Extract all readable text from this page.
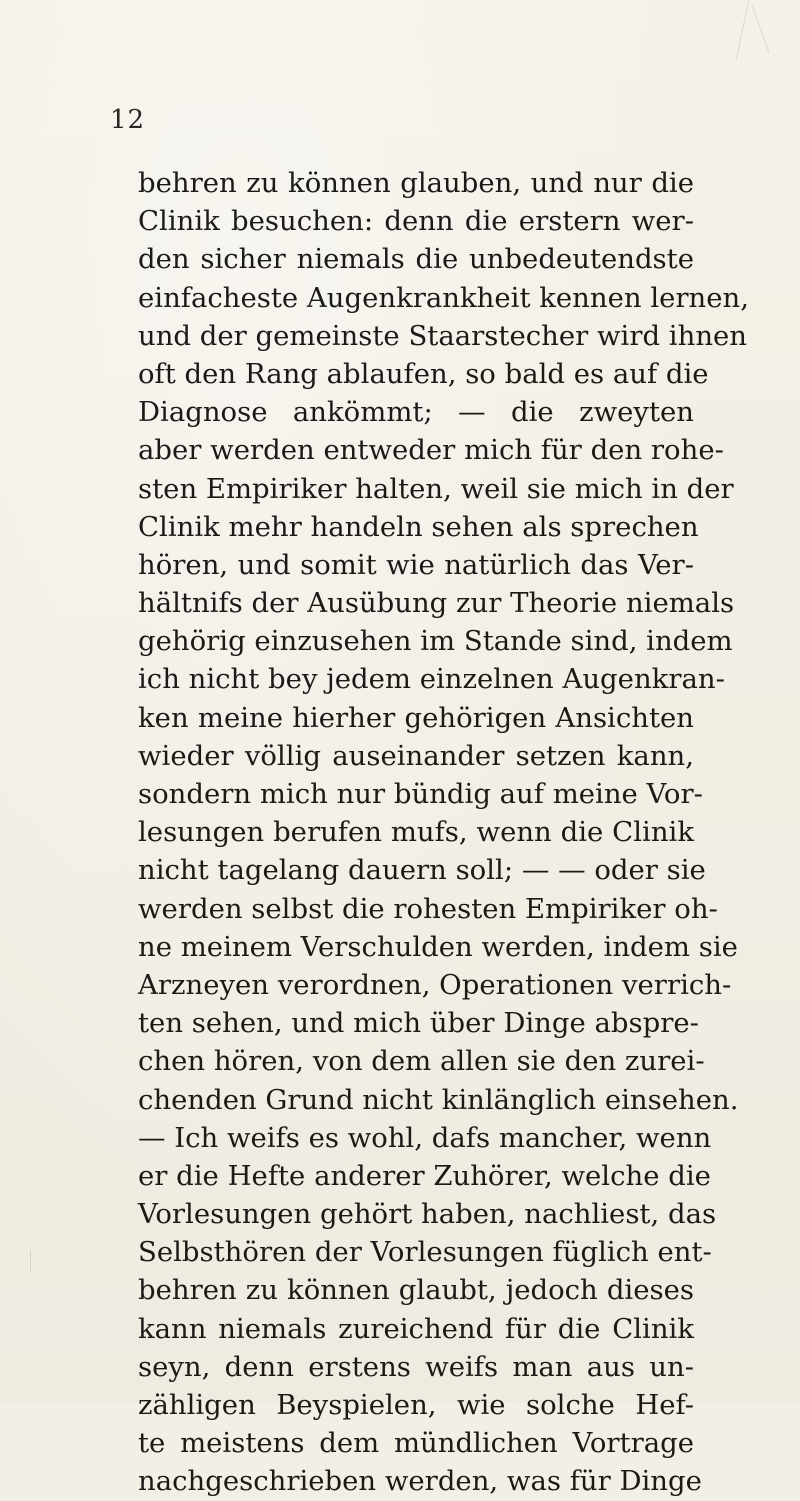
12
behren zu können glauben, und nur die
Clinik besuchen: denn die erstern wer-
den sicher niemals die unbedeutendste
einfacheste Augenkrankheit kennen lernen,
und der gemeinste Staarstecher wird ihnen
oft den Rang ablaufen, so bald es auf die
Diagnose ankömmt; — die zweyten
aber werden entweder mich für den rohe-
sten Empiriker halten, weil sie mich in der
Clinik mehr handeln sehen als sprechen
hören, und somit wie natürlich das Ver-
hältnifs der Ausübung zur Theorie niemals
gehörig einzusehen im Stande sind, indem
ich nicht bey jedem einzelnen Augenkran-
ken meine hierher gehörigen Ansichten
wieder völlig auseinander setzen kann,
sondern mich nur bündig auf meine Vor-
lesungen berufen mufs, wenn die Clinik
nicht tagelang dauern soll; — — oder sie
werden selbst die rohesten Empiriker oh-
ne meinem Verschulden werden, indem sie
Arzneyen verordnen, Operationen verrich-
ten sehen, und mich über Dinge abspre-
chen hören, von dem allen sie den zurei-
chenden Grund nicht kinlänglich einsehen.
— Ich weifs es wohl, dafs mancher, wenn
er die Hefte anderer Zuhörer, welche die
Vorlesungen gehört haben, nachliest, das
Selbsthören der Vorlesungen füglich ent-
behren zu können glaubt, jedoch dieses
kann niemals zureichend für die Clinik
seyn, denn erstens weifs man aus un-
zähligen Beyspielen, wie solche Hef-
te meistens dem mündlichen Vortrage
nachgeschrieben werden, was für Dinge
